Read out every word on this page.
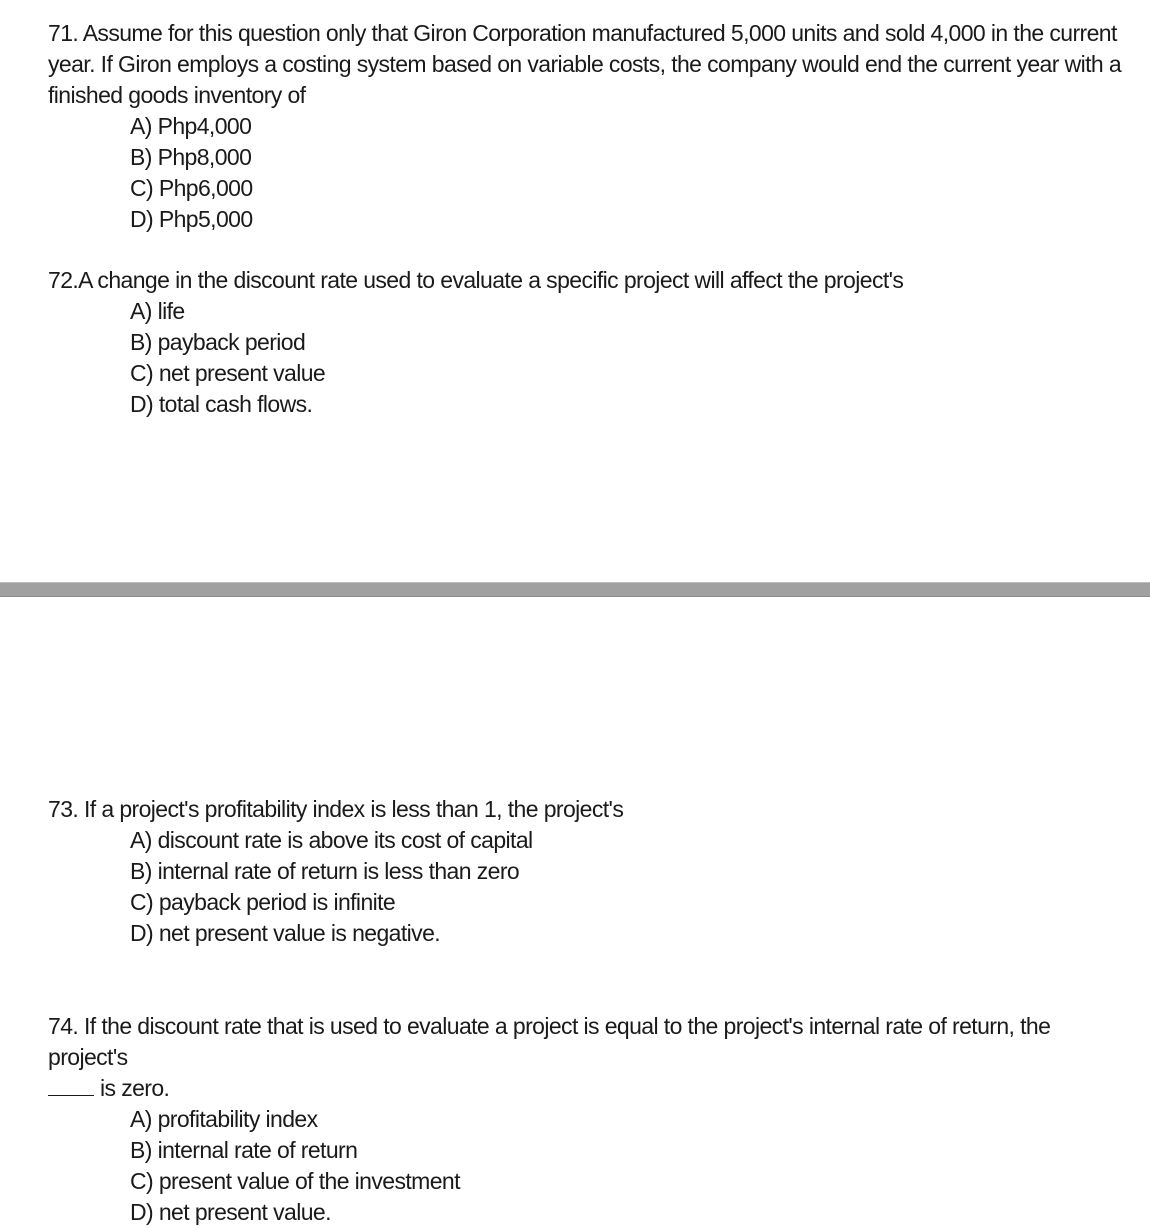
71. Assume for this question only that Giron Corporation manufactured 5,000 units and sold 4,000 in the current year. If Giron employs a costing system based on variable costs, the company would end the current year with a finished goods inventory of

A) Php4,000
B) Php8,000
C) Php6,000
D) Php5,000

72.A change in the discount rate used to evaluate a specific project will affect the project's

A) life
B) payback period
C) net present value
D) total cash flows.

73. If a project's profitability index is less than 1, the project's

A) discount rate is above its cost of capital
B) internal rate of return is less than zero
C) payback period is infinite
D) net present value is negative.

74. If the discount rate that is used to evaluate a project is equal to the project's internal rate of return, the project's
is zero.

A) profitability index
B) internal rate of return
C) present value of the investment
D) net present value.
